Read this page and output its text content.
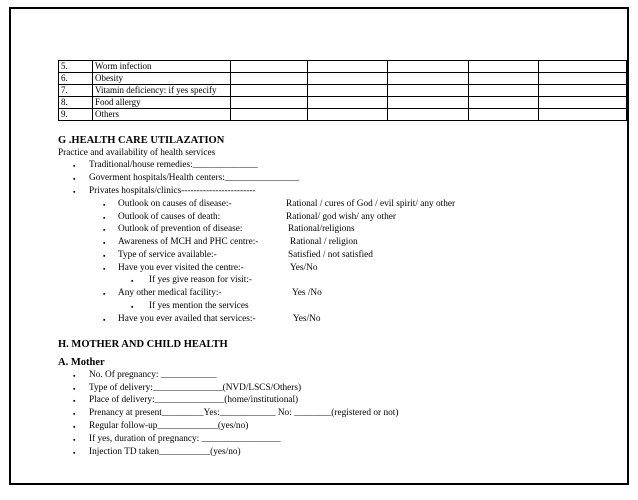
5.	Worm infection					
6.	Obesity					
7.	Vitamin deficiency: if yes specify					
8.	Food allergy					
9.	Others					
G .HEALTH CARE UTILAZATION
Practice and availability of health services
▪ Traditional/house remedies:______________
▪ Goverment hospitals/Health centers:________________
▪ Privates hospitals/clinics------------------------
▪ Outlook on causes of disease:-	Rational / cures of God / evil spirit/ any other
▪ Outlook of causes of death:	Rational/ god wish/ any other
▪ Outlook of prevention of disease:	Rational/religions
▪ Awareness of MCH and PHC centre:-	Rational / religion
▪ Type of service available:-	Satisfied / not satisfied
▪ Have you ever visited the centre:-	Yes/No
▪ If yes give reason for visit:-
▪ Any other medical facility:-	Yes /No
▪ If yes mention the services
▪ Have you ever availed that services:-	Yes/No
H. MOTHER AND CHILD HEALTH
A. Mother
▪ No. Of pregnancy: ____________
▪ Type of delivery:_______________(NVD/LSCS/Others)
▪ Place of delivery:_______________(home/institutional)
▪ Prenancy at present_________Yes:____________ No: ________(registered or not)
▪ Regular follow-up_____________(yes/no)
▪ If yes, duration of pregnancy: _________________
▪ Injection TD taken___________(yes/no)
